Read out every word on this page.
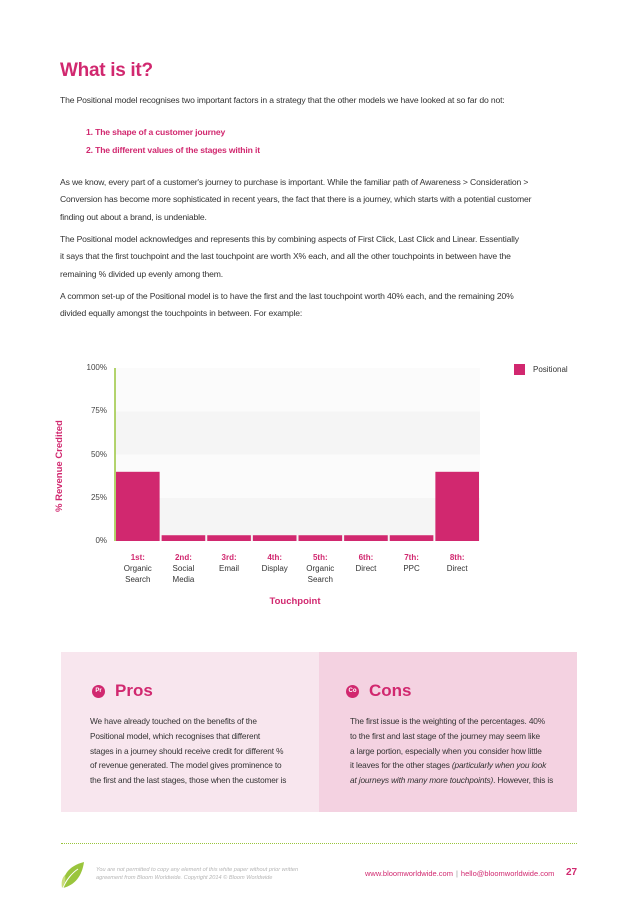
What is it?
The Positional model recognises two important factors in a strategy that the other models we have looked at so far do not:
1. The shape of a customer journey
2. The different values of the stages within it
As we know, every part of a customer's journey to purchase is important. While the familiar path of Awareness > Consideration >
Conversion has become more sophisticated in recent years, the fact that there is a journey, which starts with a potential customer
finding out about a brand, is undeniable.
The Positional model acknowledges and represents this by combining aspects of First Click, Last Click and Linear. Essentially
it says that the first touchpoint and the last touchpoint are worth X% each, and all the other touchpoints in between have the
remaining % divided up evenly among them.
A common set-up of the Positional model is to have the first and the last touchpoint worth 40% each, and the remaining 20%
divided equally amongst the touchpoints in between. For example:
% Revenue Credited
0%
25%
50%
75%
100%
1st:
Organic
Search
2nd:
Social
Media
3rd:
Email
4th:
Display
5th:
Organic
Search
6th:
Direct
7th:
PPC
8th:
Direct
Touchpoint
Positional
Pr Pros
We have already touched on the benefits of the
Positional model, which recognises that different
stages in a journey should receive credit for different %
of revenue generated. The model gives prominence to
the first and the last stages, those when the customer is
Co Cons
The first issue is the weighting of the percentages. 40%
to the first and last stage of the journey may seem like
a large portion, especially when you consider how little
it leaves for the other stages (particularly when you look
at journeys with many more touchpoints). However, this is
You are not permitted to copy any element of this white paper without prior written agreement from Bloom Worldwide. Copyright 2014 © Bloom Worldwide	www.bloomworldwide.com | hello@bloomworldwide.com 27
